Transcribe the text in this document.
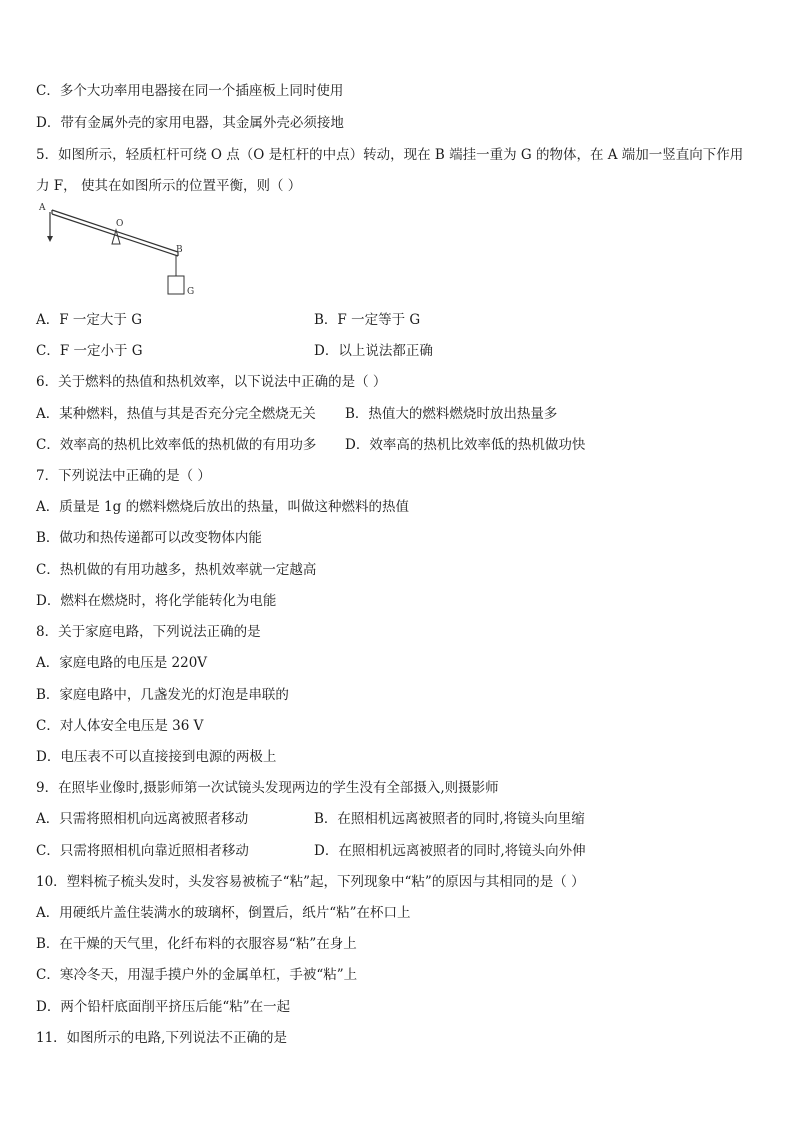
C．多个大功率用电器接在同一个插座板上同时使用
D．带有金属外壳的家用电器，其金属外壳必须接地
5．如图所示，轻质杠杆可绕 O 点（O 是杠杆的中点）转动，现在 B 端挂一重为 G 的物体，在 A 端加一竖直向下作用
力 F， 使其在如图所示的位置平衡，则（ ）
A
O
B
G
A．F 一定大于 G	B．F 一定等于 G
C．F 一定小于 G	D．以上说法都正确
6．关于燃料的热值和热机效率，以下说法中正确的是（ ）
A．某种燃料，热值与其是否充分完全燃烧无关 B．热值大的燃料燃烧时放出热量多
C．效率高的热机比效率低的热机做的有用功多 D．效率高的热机比效率低的热机做功快
7．下列说法中正确的是（ ）
A．质量是 1g 的燃料燃烧后放出的热量，叫做这种燃料的热值
B．做功和热传递都可以改变物体内能
C．热机做的有用功越多，热机效率就一定越高
D．燃料在燃烧时，将化学能转化为电能
8．关于家庭电路，下列说法正确的是
A．家庭电路的电压是 220V
B．家庭电路中，几盏发光的灯泡是串联的
C．对人体安全电压是 36 V
D．电压表不可以直接接到电源的两极上
9．在照毕业像时,摄影师第一次试镜头发现两边的学生没有全部摄入,则摄影师
A．只需将照相机向远离被照者移动	B．在照相机远离被照者的同时,将镜头向里缩
C．只需将照相机向靠近照相者移动	D．在照相机远离被照者的同时,将镜头向外伸
10．塑料梳子梳头发时，头发容易被梳子“粘”起，下列现象中“粘”的原因与其相同的是（ ）
A．用硬纸片盖住装满水的玻璃杯，倒置后，纸片“粘”在杯口上
B．在干燥的天气里，化纤布料的衣服容易“粘”在身上
C．寒冷冬天，用湿手摸户外的金属单杠，手被“粘”上
D．两个铅杆底面削平挤压后能“粘”在一起
11．如图所示的电路,下列说法不正确的是
